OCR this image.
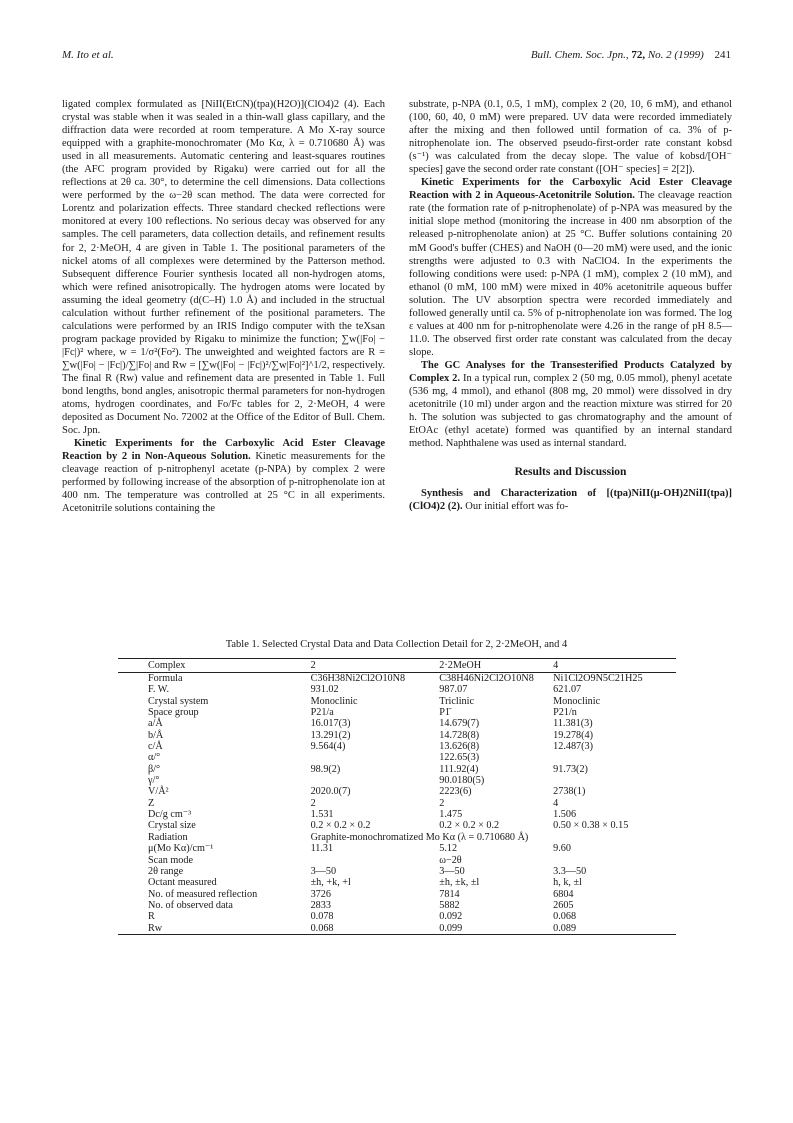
M. Ito et al.	Bull. Chem. Soc. Jpn., 72, No. 2 (1999) 241

ligated complex formulated as [NiII(EtCN)(tpa)(H2O)](ClO4)2 (4). Each crystal was stable when it was sealed in a thin-wall glass capillary, and the diffraction data were recorded at room temperature. A Mo X-ray source equipped with a graphite-monochromater (Mo Kα, λ = 0.710680 Å) was used in all measurements. Automatic centering and least-squares routines (the AFC program provided by Rigaku) were carried out for all the reflections at 2θ ca. 30°, to determine the cell dimensions. Data collections were performed by the ω−2θ scan method. The data were corrected for Lorentz and polarization effects. Three standard checked reflections were monitored at every 100 reflections. No serious decay was observed for any samples. The cell parameters, data collection details, and refinement results for 2, 2·MeOH, 4 are given in Table 1. The positional parameters of the nickel atoms of all complexes were determined by the Patterson method. Subsequent difference Fourier synthesis located all non-hydrogen atoms, which were refined anisotropically. The hydrogen atoms were located by assuming the ideal geometry (d(C–H) 1.0 Å) and included in the structual calculation without further refinement of the positional parameters. The calculations were performed by an IRIS Indigo computer with the teXsan program package provided by Rigaku to minimize the function; ∑w(|Fo| − |Fc|)² where, w = 1/σ²(Fo²). The unweighted and weighted factors are R = ∑w(|Fo| − |Fc|)/∑|Fo| and Rw = [∑w(|Fo| − |Fc|)²/∑w|Fo|²]^1/2, respectively. The final R (Rw) value and refinement data are presented in Table 1. Full bond lengths, bond angles, anisotropic thermal parameters for non-hydrogen atoms, hydrogen coordinates, and Fo/Fc tables for 2, 2·MeOH, 4 were deposited as Document No. 72002 at the Office of the Editor of Bull. Chem. Soc. Jpn.

Kinetic Experiments for the Carboxylic Acid Ester Cleavage Reaction by 2 in Non-Aqueous Solution. Kinetic measurements for the cleavage reaction of p-nitrophenyl acetate (p-NPA) by complex 2 were performed by following increase of the absorption of p-nitrophenolate ion at 400 nm. The temperature was controlled at 25 °C in all experiments. Acetonitrile solutions containing the

substrate, p-NPA (0.1, 0.5, 1 mM), complex 2 (20, 10, 6 mM), and ethanol (100, 60, 40, 0 mM) were prepared. UV data were recorded immediately after the mixing and then followed until formation of ca. 3% of p-nitrophenolate ion. The observed pseudo-first-order rate constant kobsd (s⁻¹) was calculated from the decay slope. The value of kobsd/[OH⁻ species] gave the second order rate constant ([OH⁻ species] = 2[2]).

Kinetic Experiments for the Carboxylic Acid Ester Cleavage Reaction with 2 in Aqueous-Acetonitrile Solution. The cleavage reaction rate (the formation rate of p-nitrophenolate) of p-NPA was measured by the initial slope method (monitoring the increase in 400 nm absorption of the released p-nitrophenolate anion) at 25 °C. Buffer solutions containing 20 mM Good's buffer (CHES) and NaOH (0—20 mM) were used, and the ionic strengths were adjusted to 0.3 with NaClO4. In the experiments the following conditions were used: p-NPA (1 mM), complex 2 (10 mM), and ethanol (0 mM, 100 mM) were mixed in 40% acetonitrile aqueous buffer solution. The UV absorption spectra were recorded immediately and followed generally until ca. 5% of p-nitrophenolate ion was formed. The log ε values at 400 nm for p-nitrophenolate were 4.26 in the range of pH 8.5—11.0. The observed first order rate constant was calculated from the decay slope.

The GC Analyses for the Transesterified Products Catalyzed by Complex 2. In a typical run, complex 2 (50 mg, 0.05 mmol), phenyl acetate (536 mg, 4 mmol), and ethanol (808 mg, 20 mmol) were dissolved in dry acetonitrile (10 ml) under argon and the reaction mixture was stirred for 20 h. The solution was subjected to gas chromatography and the amount of EtOAc (ethyl acetate) formed was quantified by an internal standard method. Naphthalene was used as internal standard.

Results and Discussion

Synthesis and Characterization of [(tpa)NiII(μ-OH)2NiII(tpa)](ClO4)2 (2). Our initial effort was fo-

Table 1. Selected Crystal Data and Data Collection Detail for 2, 2·2MeOH, and 4
Complex	2	2·2MeOH	4
Formula	C36H38Ni2Cl2O10N8	C38H46Ni2Cl2O10N8	Ni1Cl2O9N5C21H25
F. W.	931.02	987.07	621.07
Crystal system	Monoclinic	Triclinic	Monoclinic
Space group	P21/a	P1̄	P21/n
a/Å	16.017(3)	14.679(7)	11.381(3)
b/Å	13.291(2)	14.728(8)	19.278(4)
c/Å	9.564(4)	13.626(8)	12.487(3)
α/°		122.65(3)	
β/°	98.9(2)	111.92(4)	91.73(2)
γ/°		90.0180(5)	
V/Å²	2020.0(7)	2223(6)	2738(1)
Z	2	2	4
Dc/g cm⁻³	1.531	1.475	1.506
Crystal size	0.2 × 0.2 × 0.2	0.2 × 0.2 × 0.2	0.50 × 0.38 × 0.15
Radiation	Graphite-monochromatized Mo Kα (λ = 0.710680 Å)		
μ(Mo Kα)/cm⁻¹	11.31	5.12	9.60
Scan mode		ω−2θ	
2θ range	3—50	3—50	3.3—50
Octant measured	±h, +k, +l	±h, ±k, ±l	h, k, ±l
No. of measured reflection	3726	7814	6804
No. of observed data	2833	5882	2605
R	0.078	0.092	0.068
Rw	0.068	0.099	0.089
